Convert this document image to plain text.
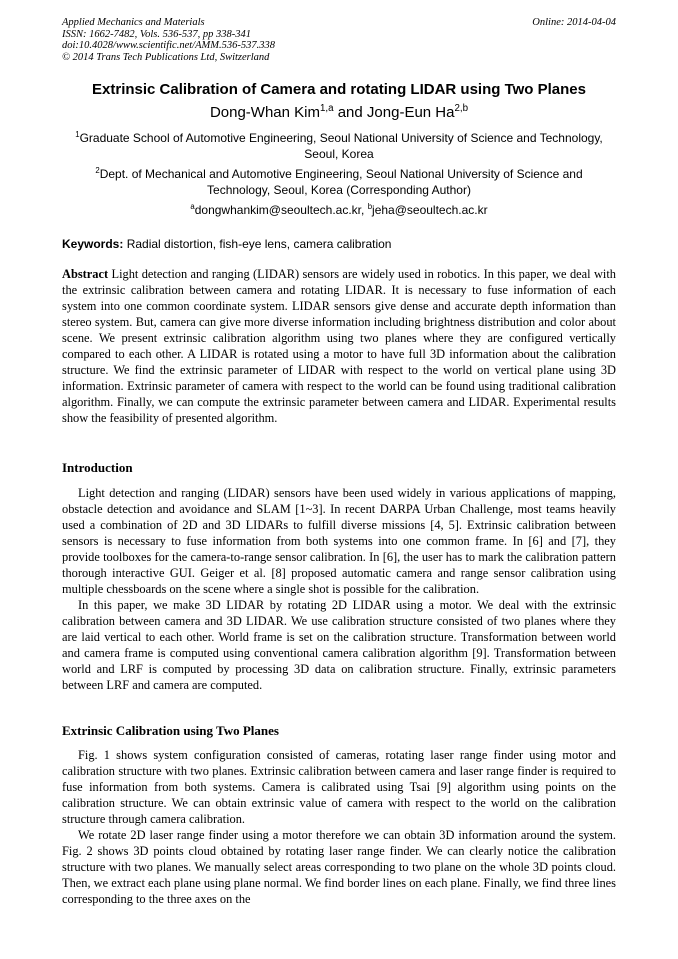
Applied Mechanics and Materials
ISSN: 1662-7482, Vols. 536-537, pp 338-341
doi:10.4028/www.scientific.net/AMM.536-537.338
© 2014 Trans Tech Publications Ltd, Switzerland
Online: 2014-04-04
Extrinsic Calibration of Camera and rotating LIDAR using Two Planes
Dong-Whan Kim$^{1,a}$ and Jong-Eun Ha$^{2,b}$
$^1$Graduate School of Automotive Engineering, Seoul National University of Science and Technology, Seoul, Korea
$^2$Dept. of Mechanical and Automotive Engineering, Seoul National University of Science and Technology, Seoul, Korea (Corresponding Author)
$^a$dongwhankim@seoultech.ac.kr, $^b$jeha@seoultech.ac.kr
Keywords: Radial distortion, fish-eye lens, camera calibration

Abstract Light detection and ranging (LIDAR) sensors are widely used in robotics. In this paper, we deal with the extrinsic calibration between camera and rotating LIDAR. It is necessary to fuse information of each system into one common coordinate system. LIDAR sensors give dense and accurate depth information than stereo system. But, camera can give more diverse information including brightness distribution and color about scene. We present extrinsic calibration algorithm using two planes where they are configured vertically compared to each other. A LIDAR is rotated using a motor to have full 3D information about the calibration structure. We find the extrinsic parameter of LIDAR with respect to the world on vertical plane using 3D information. Extrinsic parameter of camera with respect to the world can be found using traditional calibration algorithm. Finally, we can compute the extrinsic parameter between camera and LIDAR. Experimental results show the feasibility of presented algorithm.

Introduction

Light detection and ranging (LIDAR) sensors have been used widely in various applications of mapping, obstacle detection and avoidance and SLAM [1~3]. In recent DARPA Urban Challenge, most teams heavily used a combination of 2D and 3D LIDARs to fulfill diverse missions [4, 5]. Extrinsic calibration between sensors is necessary to fuse information from both systems into one common frame. In [6] and [7], they provide toolboxes for the camera-to-range sensor calibration. In [6], the user has to mark the calibration pattern thorough interactive GUI. Geiger et al. [8] proposed automatic camera and range sensor calibration using multiple chessboards on the scene where a single shot is possible for the calibration.

In this paper, we make 3D LIDAR by rotating 2D LIDAR using a motor. We deal with the extrinsic calibration between camera and 3D LIDAR. We use calibration structure consisted of two planes where they are laid vertical to each other. World frame is set on the calibration structure. Transformation between world and camera frame is computed using conventional camera calibration algorithm [9]. Transformation between world and LRF is computed by processing 3D data on calibration structure. Finally, extrinsic parameters between LRF and camera are computed.

Extrinsic Calibration using Two Planes

Fig. 1 shows system configuration consisted of cameras, rotating laser range finder using motor and calibration structure with two planes. Extrinsic calibration between camera and laser range finder is required to fuse information from both systems. Camera is calibrated using Tsai [9] algorithm using points on the calibration structure. We can obtain extrinsic value of camera with respect to the world on the calibration structure through camera calibration.

We rotate 2D laser range finder using a motor therefore we can obtain 3D information around the system. Fig. 2 shows 3D points cloud obtained by rotating laser range finder. We can clearly notice the calibration structure with two planes. We manually select areas corresponding to two plane on the whole 3D points cloud. Then, we extract each plane using plane normal. We find border lines on each plane. Finally, we find three lines corresponding to the three axes on the
